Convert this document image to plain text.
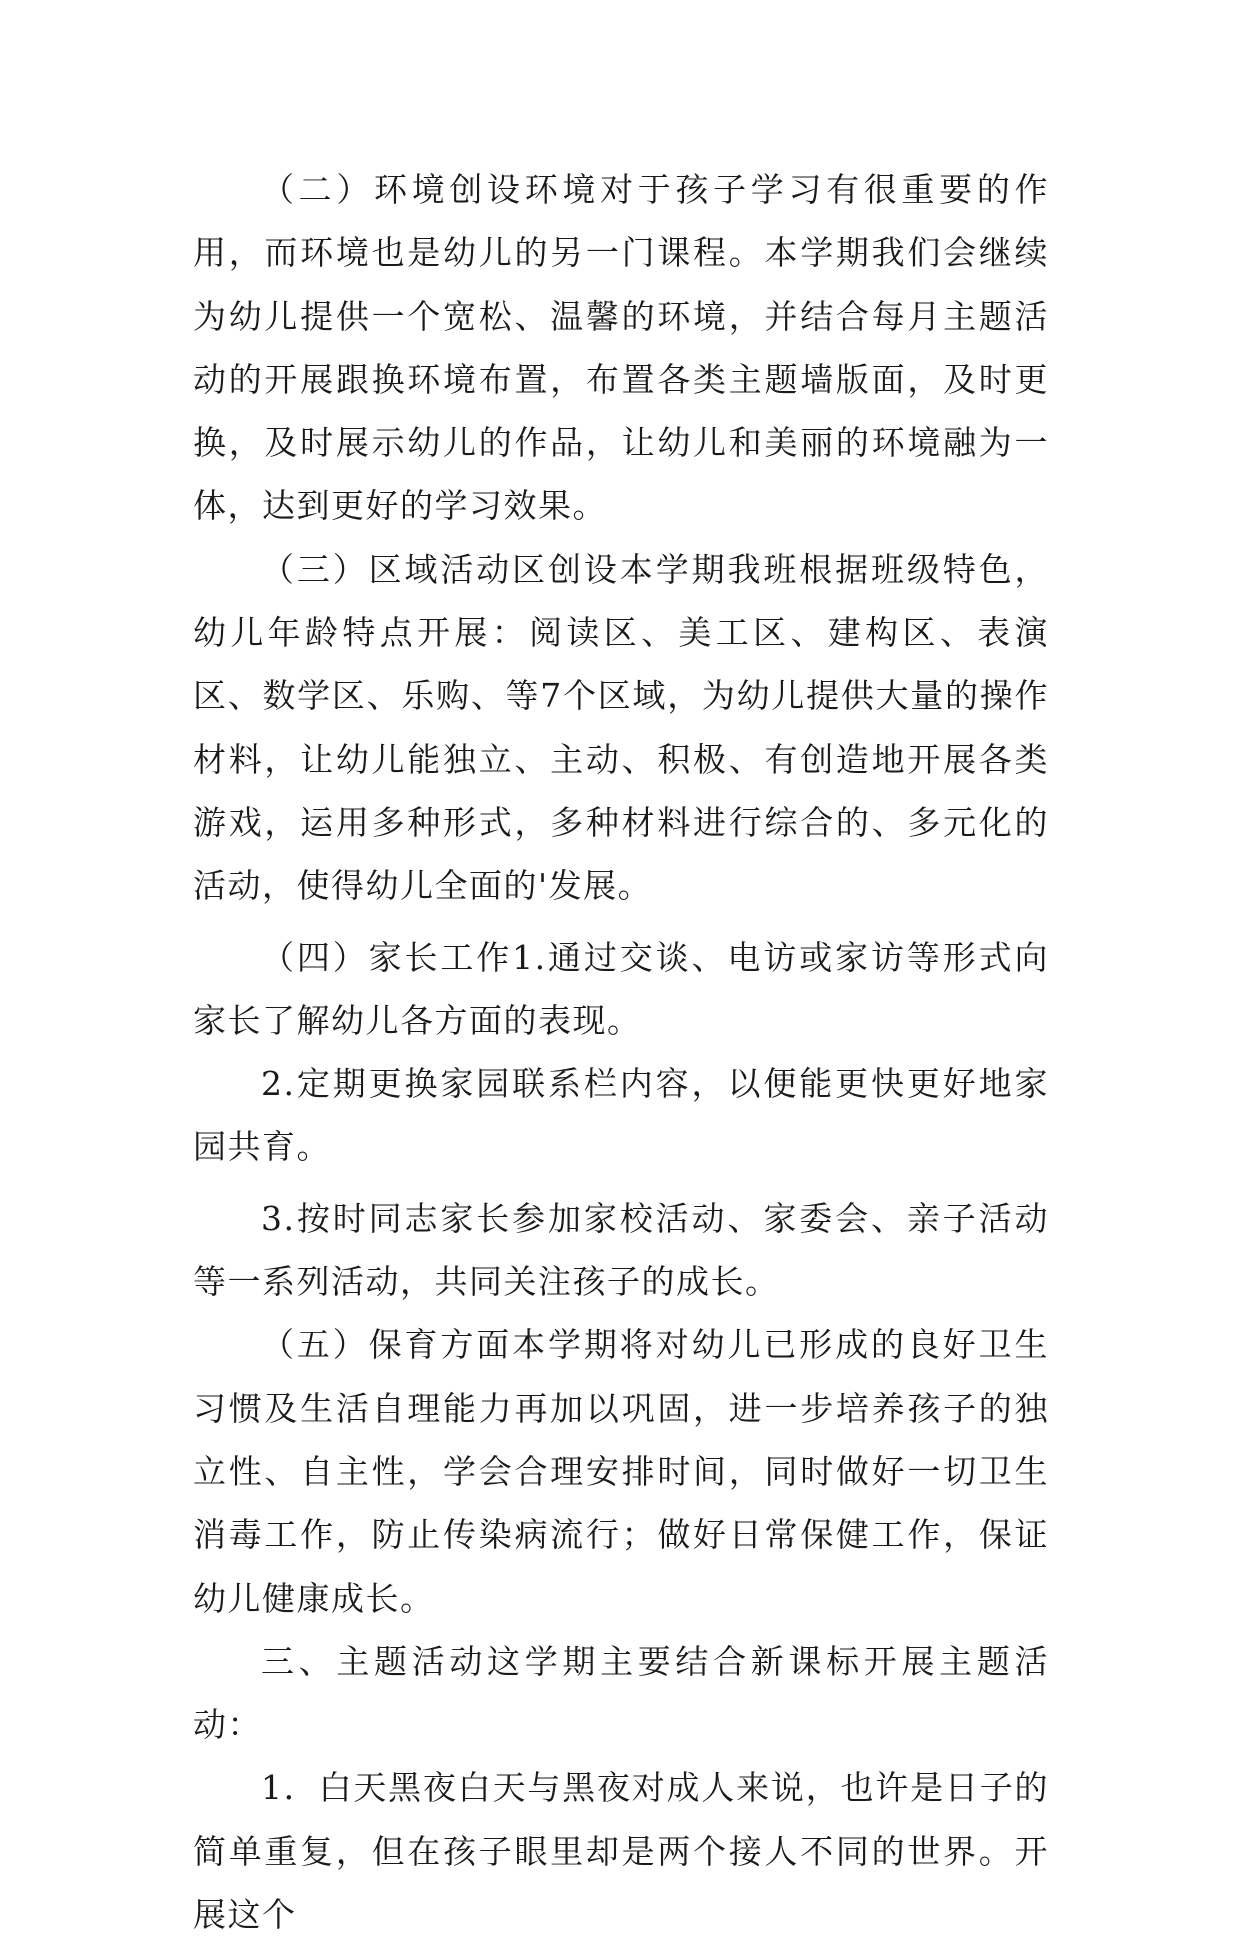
（二）环境创设环境对于孩子学习有很重要的作用，而环境也是幼儿的另一门课程。本学期我们会继续为幼儿提供一个宽松、温馨的环境，并结合每月主题活动的开展跟换环境布置，布置各类主题墙版面，及时更换，及时展示幼儿的作品，让幼儿和美丽的环境融为一体，达到更好的学习效果。

（三）区域活动区创设本学期我班根据班级特色，幼儿年龄特点开展：阅读区、美工区、建构区、表演区、数学区、乐购、等7个区域，为幼儿提供大量的操作材料，让幼儿能独立、主动、积极、有创造地开展各类游戏，运用多种形式，多种材料进行综合的、多元化的活动，使得幼儿全面的'发展。

（四）家长工作1.通过交谈、电访或家访等形式向家长了解幼儿各方面的表现。

2.定期更换家园联系栏内容，以便能更快更好地家园共育。

3.按时同志家长参加家校活动、家委会、亲子活动等一系列活动，共同关注孩子的成长。

（五）保育方面本学期将对幼儿已形成的良好卫生习惯及生活自理能力再加以巩固，进一步培养孩子的独立性、自主性，学会合理安排时间，同时做好一切卫生消毒工作，防止传染病流行；做好日常保健工作，保证幼儿健康成长。

三、主题活动这学期主要结合新课标开展主题活动：

1．白天黑夜白天与黑夜对成人来说，也许是日子的简单重复，但在孩子眼里却是两个接人不同的世界。开展这个
